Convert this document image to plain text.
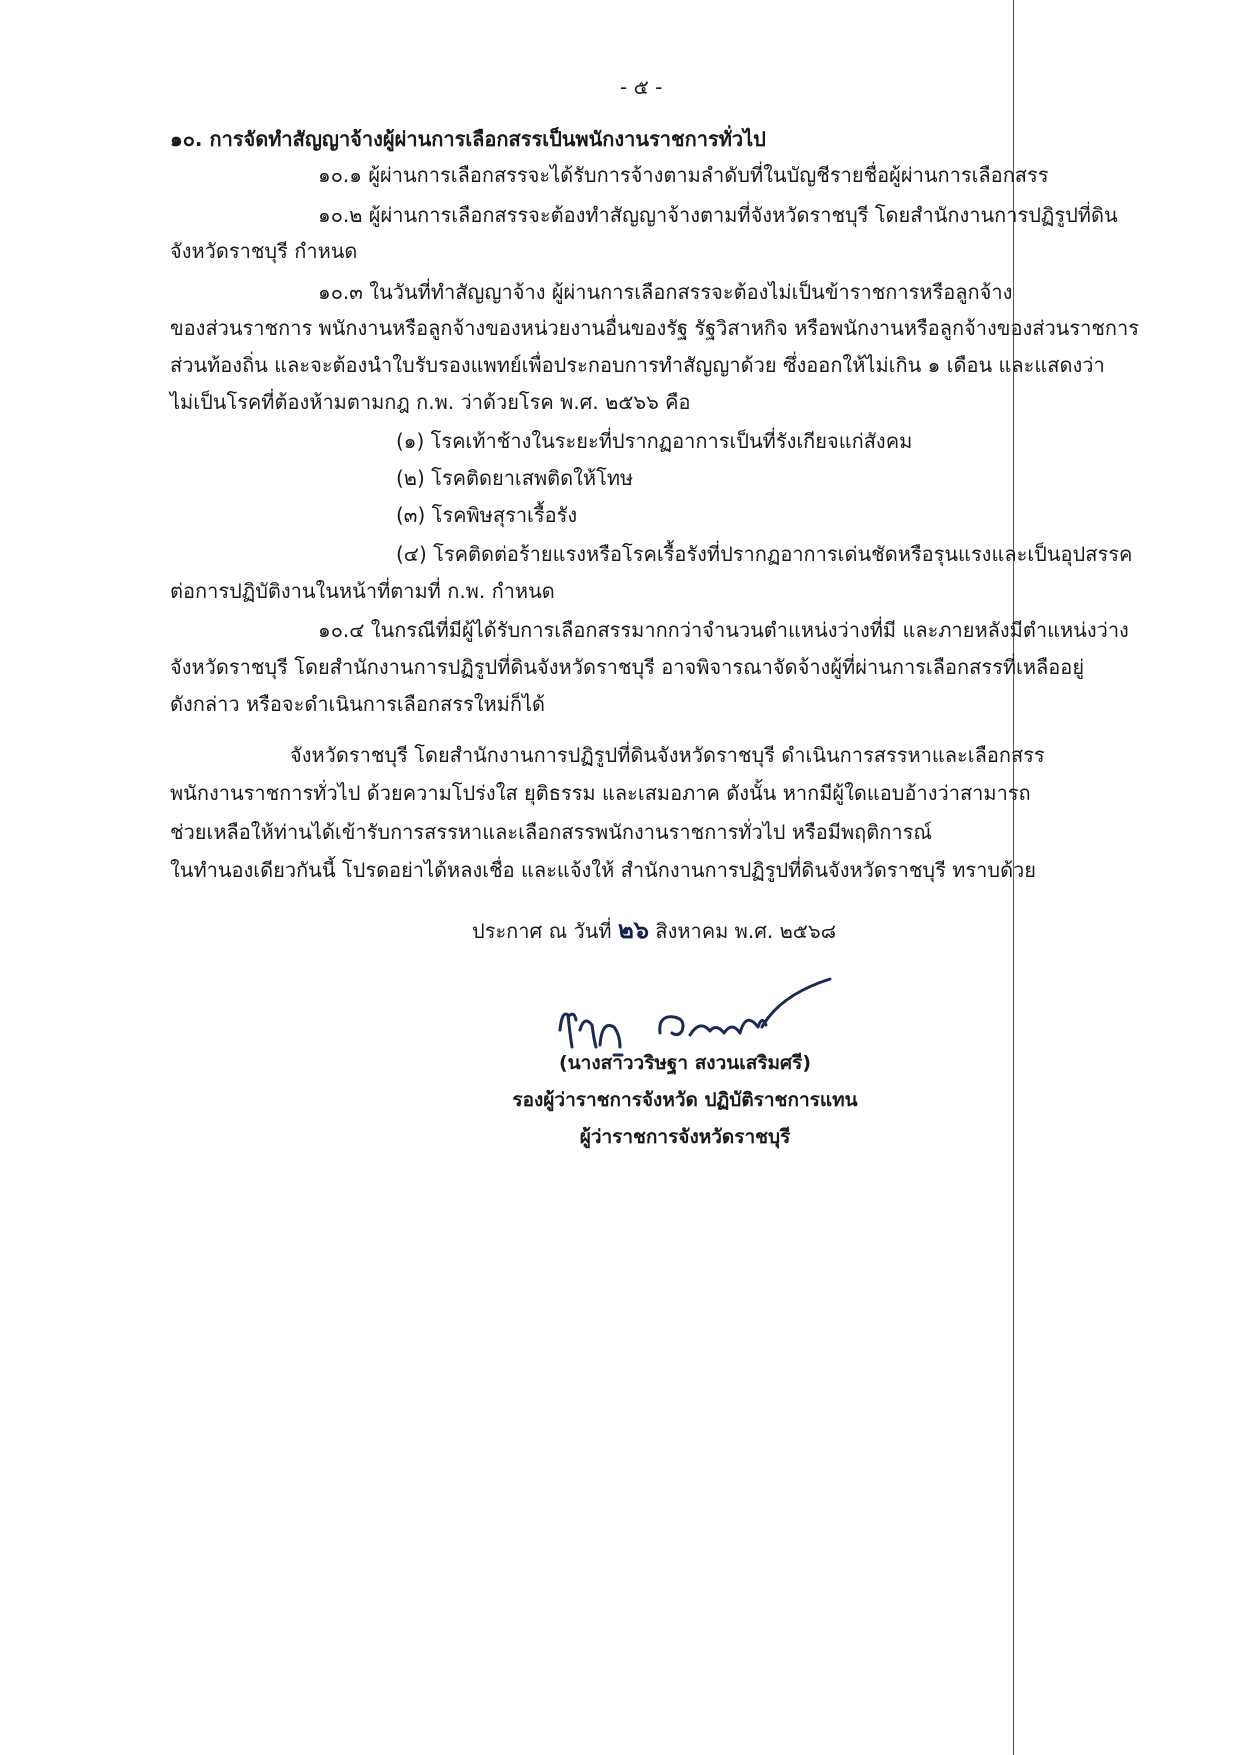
- ๕ -
๑๐. การจัดทำสัญญาจ้างผู้ผ่านการเลือกสรรเป็นพนักงานราชการทั่วไป
๑๐.๑ ผู้ผ่านการเลือกสรรจะได้รับการจ้างตามลำดับที่ในบัญชีรายชื่อผู้ผ่านการเลือกสรร
๑๐.๒ ผู้ผ่านการเลือกสรรจะต้องทำสัญญาจ้างตามที่จังหวัดราชบุรี โดยสำนักงานการปฏิรูปที่ดิน
จังหวัดราชบุรี กำหนด
๑๐.๓ ในวันที่ทำสัญญาจ้าง ผู้ผ่านการเลือกสรรจะต้องไม่เป็นข้าราชการหรือลูกจ้าง
ของส่วนราชการ พนักงานหรือลูกจ้างของหน่วยงานอื่นของรัฐ รัฐวิสาหกิจ หรือพนักงานหรือลูกจ้างของส่วนราชการ
ส่วนท้องถิ่น และจะต้องนำใบรับรองแพทย์เพื่อประกอบการทำสัญญาด้วย ซึ่งออกให้ไม่เกิน ๑ เดือน และแสดงว่า
ไม่เป็นโรคที่ต้องห้ามตามกฎ ก.พ. ว่าด้วยโรค พ.ศ. ๒๕๖๖ คือ
(๑) โรคเท้าช้างในระยะที่ปรากฏอาการเป็นที่รังเกียจแก่สังคม
(๒) โรคติดยาเสพติดให้โทษ
(๓) โรคพิษสุราเรื้อรัง
(๔) โรคติดต่อร้ายแรงหรือโรคเรื้อรังที่ปรากฏอาการเด่นชัดหรือรุนแรงและเป็นอุปสรรค
ต่อการปฏิบัติงานในหน้าที่ตามที่ ก.พ. กำหนด
๑๐.๔ ในกรณีที่มีผู้ได้รับการเลือกสรรมากกว่าจำนวนตำแหน่งว่างที่มี และภายหลังมีตำแหน่งว่าง
จังหวัดราชบุรี โดยสำนักงานการปฏิรูปที่ดินจังหวัดราชบุรี อาจพิจารณาจัดจ้างผู้ที่ผ่านการเลือกสรรที่เหลืออยู่
ดังกล่าว หรือจะดำเนินการเลือกสรรใหม่ก็ได้
จังหวัดราชบุรี โดยสำนักงานการปฏิรูปที่ดินจังหวัดราชบุรี ดำเนินการสรรหาและเลือกสรร
พนักงานราชการทั่วไป ด้วยความโปร่งใส ยุติธรรม และเสมอภาค ดังนั้น หากมีผู้ใดแอบอ้างว่าสามารถ
ช่วยเหลือให้ท่านได้เข้ารับการสรรหาและเลือกสรรพนักงานราชการทั่วไป หรือมีพฤติการณ์
ในทำนองเดียวกันนี้ โปรดอย่าได้หลงเชื่อ และแจ้งให้ สำนักงานการปฏิรูปที่ดินจังหวัดราชบุรี ทราบด้วย
ประกาศ ณ วันที่ ๒๖ สิงหาคม พ.ศ. ๒๕๖๘
(นางสาววริษฐา สงวนเสริมศรี)
รองผู้ว่าราชการจังหวัด ปฏิบัติราชการแทน
ผู้ว่าราชการจังหวัดราชบุรี
